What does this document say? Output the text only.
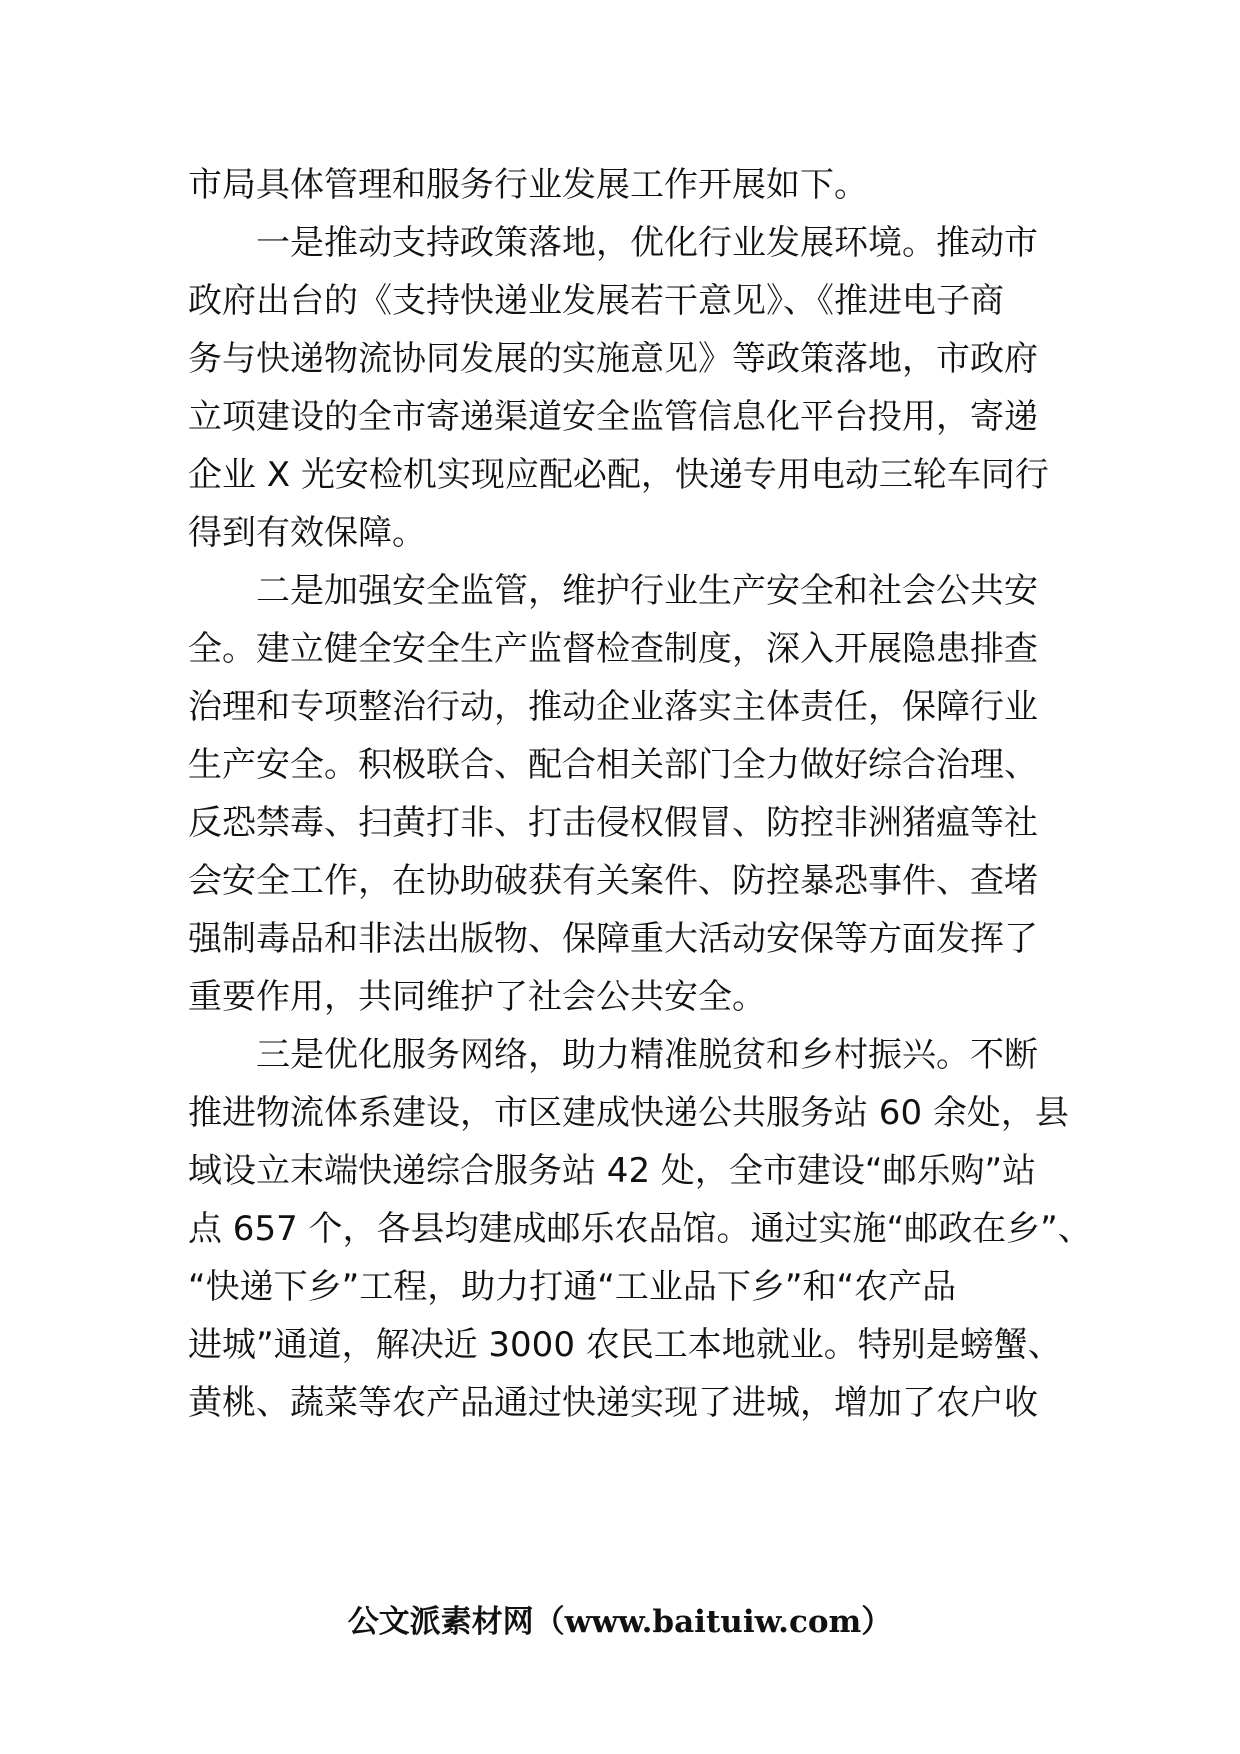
市局具体管理和服务行业发展工作开展如下。
一是推动支持政策落地，优化行业发展环境。推动市
政府出台的《支持快递业发展若干意见》、《推进电子商
务与快递物流协同发展的实施意见》等政策落地，市政府
立项建设的全市寄递渠道安全监管信息化平台投用，寄递
企业 X 光安检机实现应配必配，快递专用电动三轮车同行
得到有效保障。
二是加强安全监管，维护行业生产安全和社会公共安
全。建立健全安全生产监督检查制度，深入开展隐患排查
治理和专项整治行动，推动企业落实主体责任，保障行业
生产安全。积极联合、配合相关部门全力做好综合治理、
反恐禁毒、扫黄打非、打击侵权假冒、防控非洲猪瘟等社
会安全工作，在协助破获有关案件、防控暴恐事件、查堵
强制毒品和非法出版物、保障重大活动安保等方面发挥了
重要作用，共同维护了社会公共安全。
三是优化服务网络，助力精准脱贫和乡村振兴。不断
推进物流体系建设，市区建成快递公共服务站 60 余处，县
域设立末端快递综合服务站 42 处，全市建设“邮乐购”站
点 657 个，各县均建成邮乐农品馆。通过实施“邮政在乡”、
“快递下乡”工程，助力打通“工业品下乡”和“农产品
进城”通道，解决近 3000 农民工本地就业。特别是螃蟹、
黄桃、蔬菜等农产品通过快递实现了进城，增加了农户收
公文派素材网（www.baituiw.com）
